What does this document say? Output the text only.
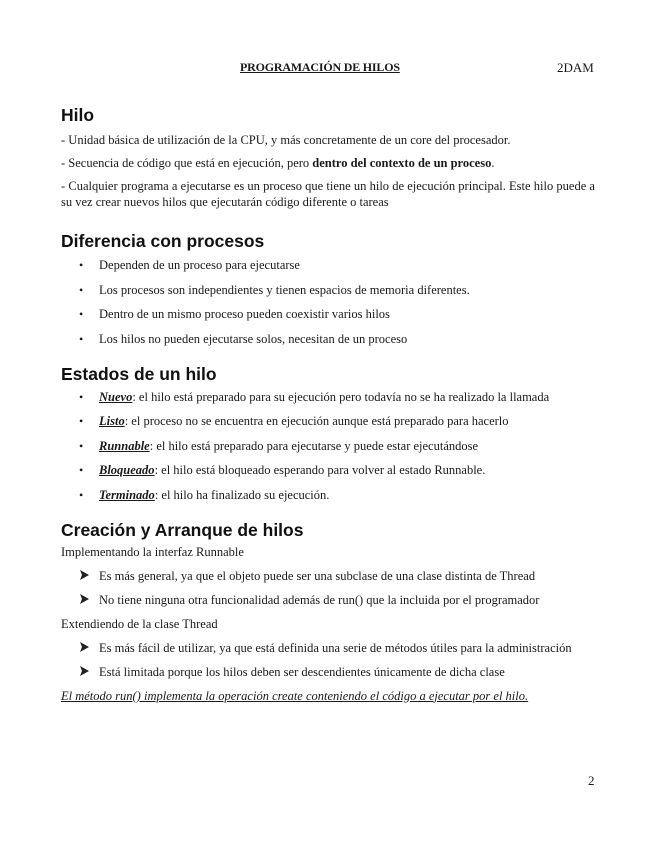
PROGRAMACIÓN DE HILOS	2DAM
Hilo

- Unidad básica de utilización de la CPU, y más concretamente de un core del procesador.

- Secuencia de código que está en ejecución, pero dentro del contexto de un proceso.

- Cualquier programa a ejecutarse es un proceso que tiene un hilo de ejecución principal. Este hilo puede a su vez crear nuevos hilos que ejecutarán código diferente o tareas

Diferencia con procesos
• Dependen de un proceso para ejecutarse
• Los procesos son independientes y tienen espacios de memoria diferentes.
• Dentro de un mismo proceso pueden coexistir varios hilos
• Los hilos no pueden ejecutarse solos, necesitan de un proceso
Estados de un hilo
• Nuevo: el hilo está preparado para su ejecución pero todavía no se ha realizado la llamada
• Listo: el proceso no se encuentra en ejecución aunque está preparado para hacerlo
• Runnable: el hilo está preparado para ejecutarse y puede estar ejecutándose
• Bloqueado: el hilo está bloqueado esperando para volver al estado Runnable.
• Terminado: el hilo ha finalizado su ejecución.
Creación y Arranque de hilos
Implementando la interfaz Runnable
Es más general, ya que el objeto puede ser una subclase de una clase distinta de Thread
No tiene ninguna otra funcionalidad además de run() que la incluida por el programador
Extendiendo de la clase Thread
Es más fácil de utilizar, ya que está definida una serie de métodos útiles para la administración
Está limitada porque los hilos deben ser descendientes únicamente de dicha clase
El método run() implementa la operación create conteniendo el código a ejecutar por el hilo.
2
